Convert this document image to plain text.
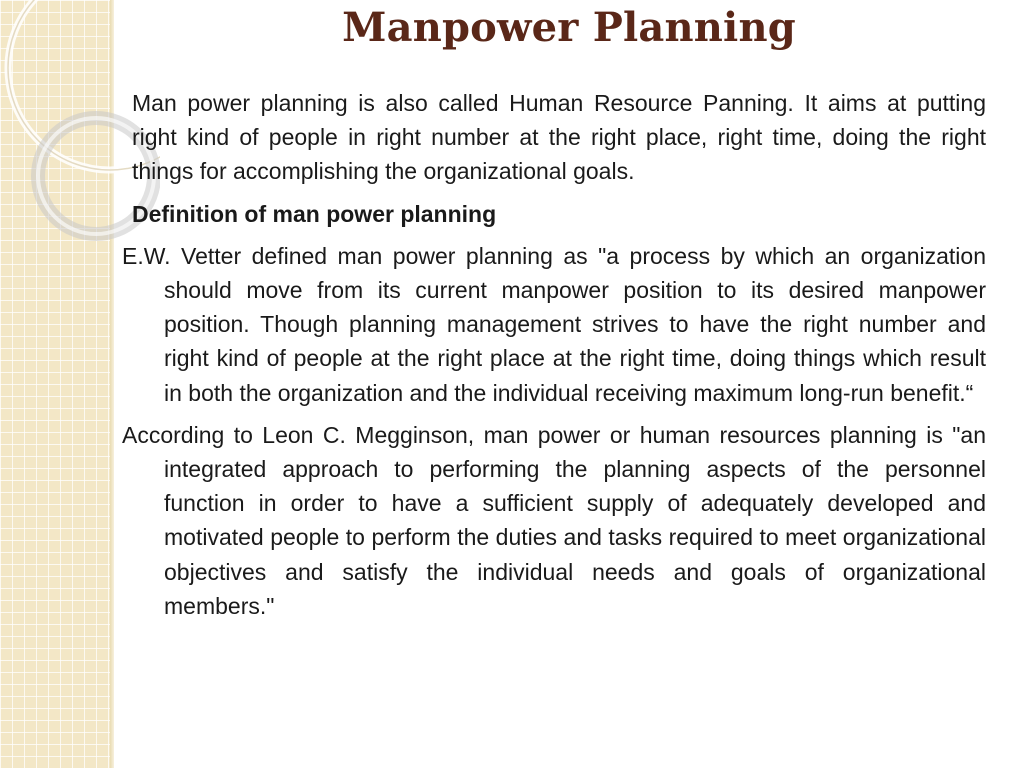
Manpower Planning

Man power planning is also called Human Resource Panning. It aims at putting right kind of people in right number at the right place, right time, doing the right things for accomplishing the organizational goals.

Definition of man power planning

E.W. Vetter defined man power planning as "a process by which an organization should move from its current manpower position to its desired manpower position. Though planning management strives to have the right number and right kind of people at the right place at the right time, doing things which result in both the organization and the individual receiving maximum long-run benefit.“

According to Leon C. Megginson, man power or human resources planning is "an integrated approach to performing the planning aspects of the personnel function in order to have a sufficient supply of adequately developed and motivated people to perform the duties and tasks required to meet organizational objectives and satisfy the individual needs and goals of organizational members."
